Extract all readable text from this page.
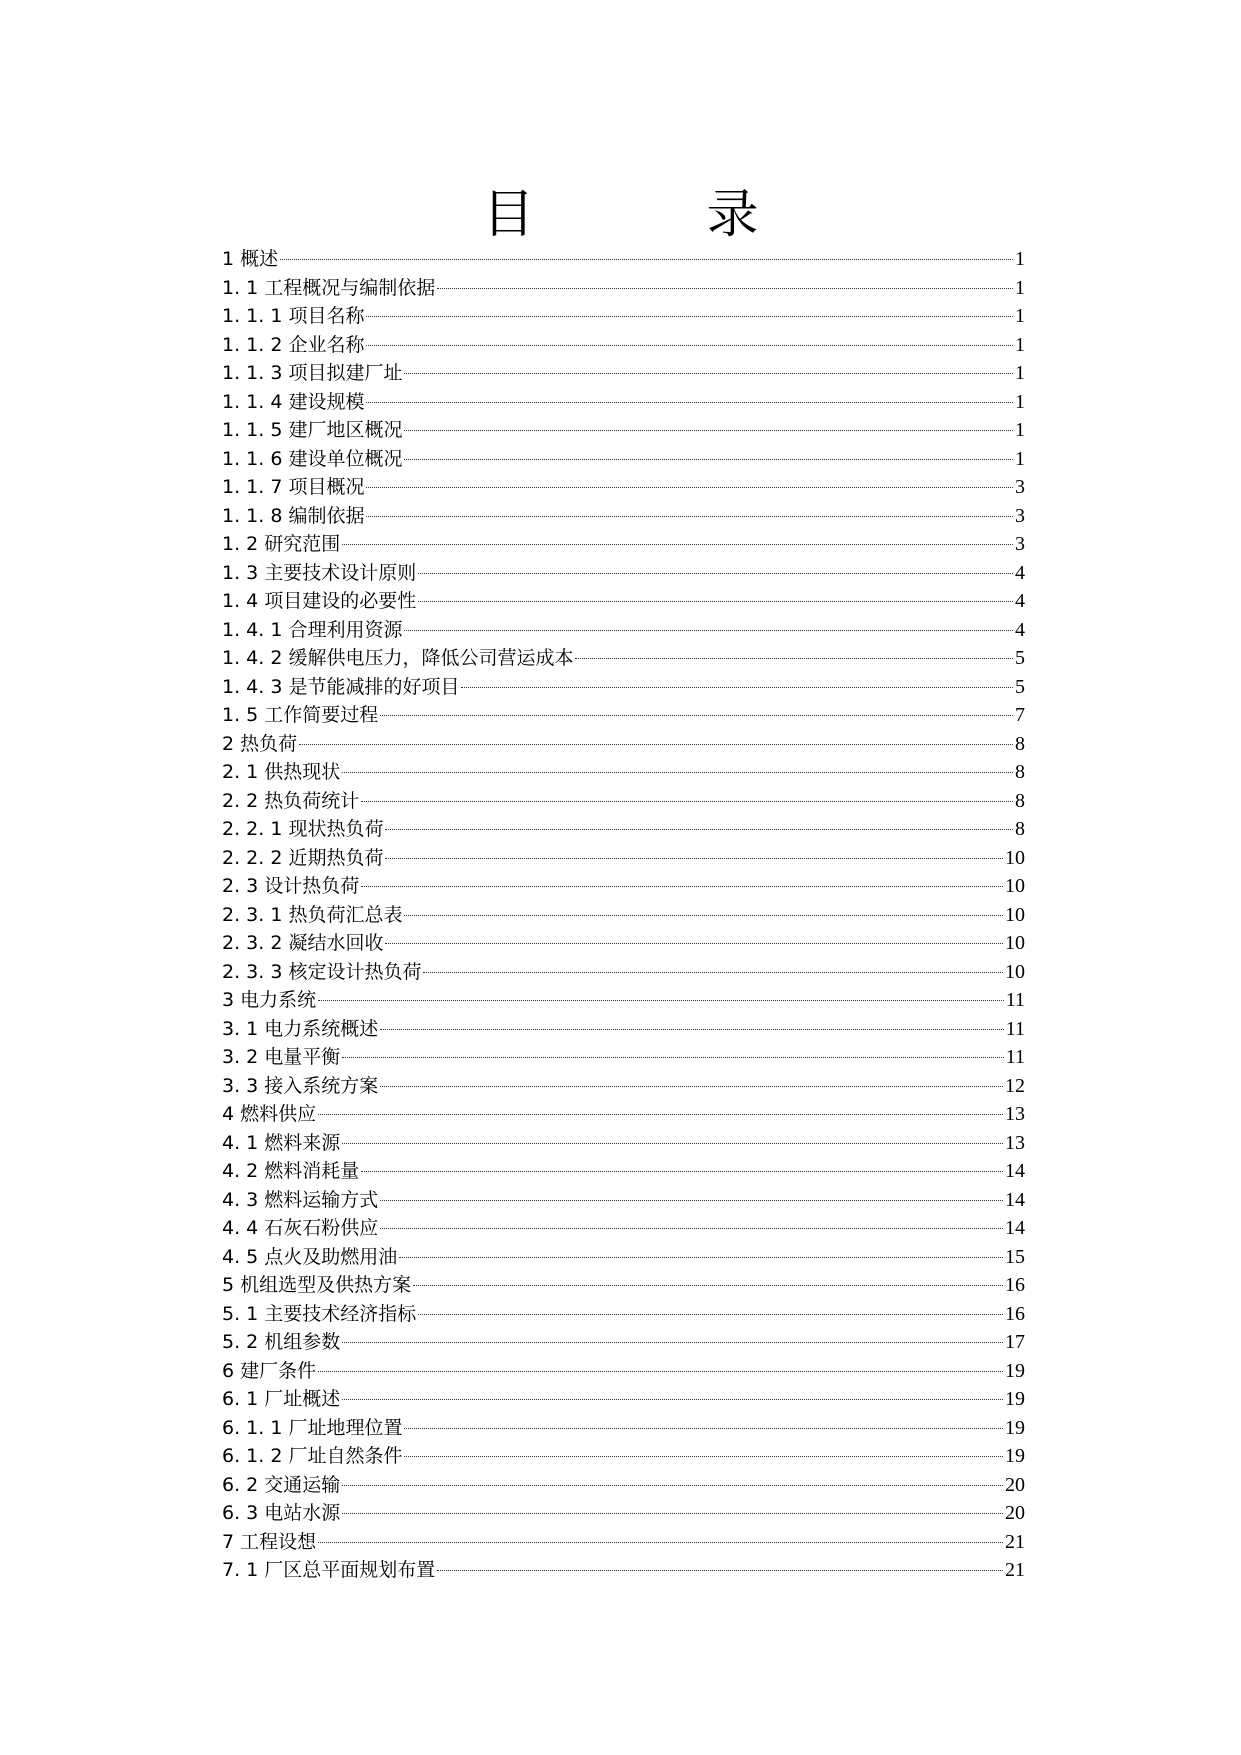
目　录
1 概述	1
1. 1 工程概况与编制依据	1
1. 1. 1 项目名称	1
1. 1. 2 企业名称	1
1. 1. 3 项目拟建厂址	1
1. 1. 4 建设规模	1
1. 1. 5 建厂地区概况	1
1. 1. 6 建设单位概况	1
1. 1. 7 项目概况	3
1. 1. 8 编制依据	3
1. 2 研究范围	3
1. 3 主要技术设计原则	4
1. 4 项目建设的必要性	4
1. 4. 1 合理利用资源	4
1. 4. 2 缓解供电压力，降低公司营运成本	5
1. 4. 3 是节能减排的好项目	5
1. 5 工作简要过程	7
2 热负荷	8
2. 1 供热现状	8
2. 2 热负荷统计	8
2. 2. 1 现状热负荷	8
2. 2. 2 近期热负荷	10
2. 3 设计热负荷	10
2. 3. 1 热负荷汇总表	10
2. 3. 2 凝结水回收	10
2. 3. 3 核定设计热负荷	10
3 电力系统	11
3. 1 电力系统概述	11
3. 2 电量平衡	11
3. 3 接入系统方案	12
4 燃料供应	13
4. 1 燃料来源	13
4. 2 燃料消耗量	14
4. 3 燃料运输方式	14
4. 4 石灰石粉供应	14
4. 5 点火及助燃用油	15
5 机组选型及供热方案	16
5. 1 主要技术经济指标	16
5. 2 机组参数	17
6 建厂条件	19
6. 1 厂址概述	19
6. 1. 1 厂址地理位置	19
6. 1. 2 厂址自然条件	19
6. 2 交通运输	20
6. 3 电站水源	20
7 工程设想	21
7. 1 厂区总平面规划布置	21
